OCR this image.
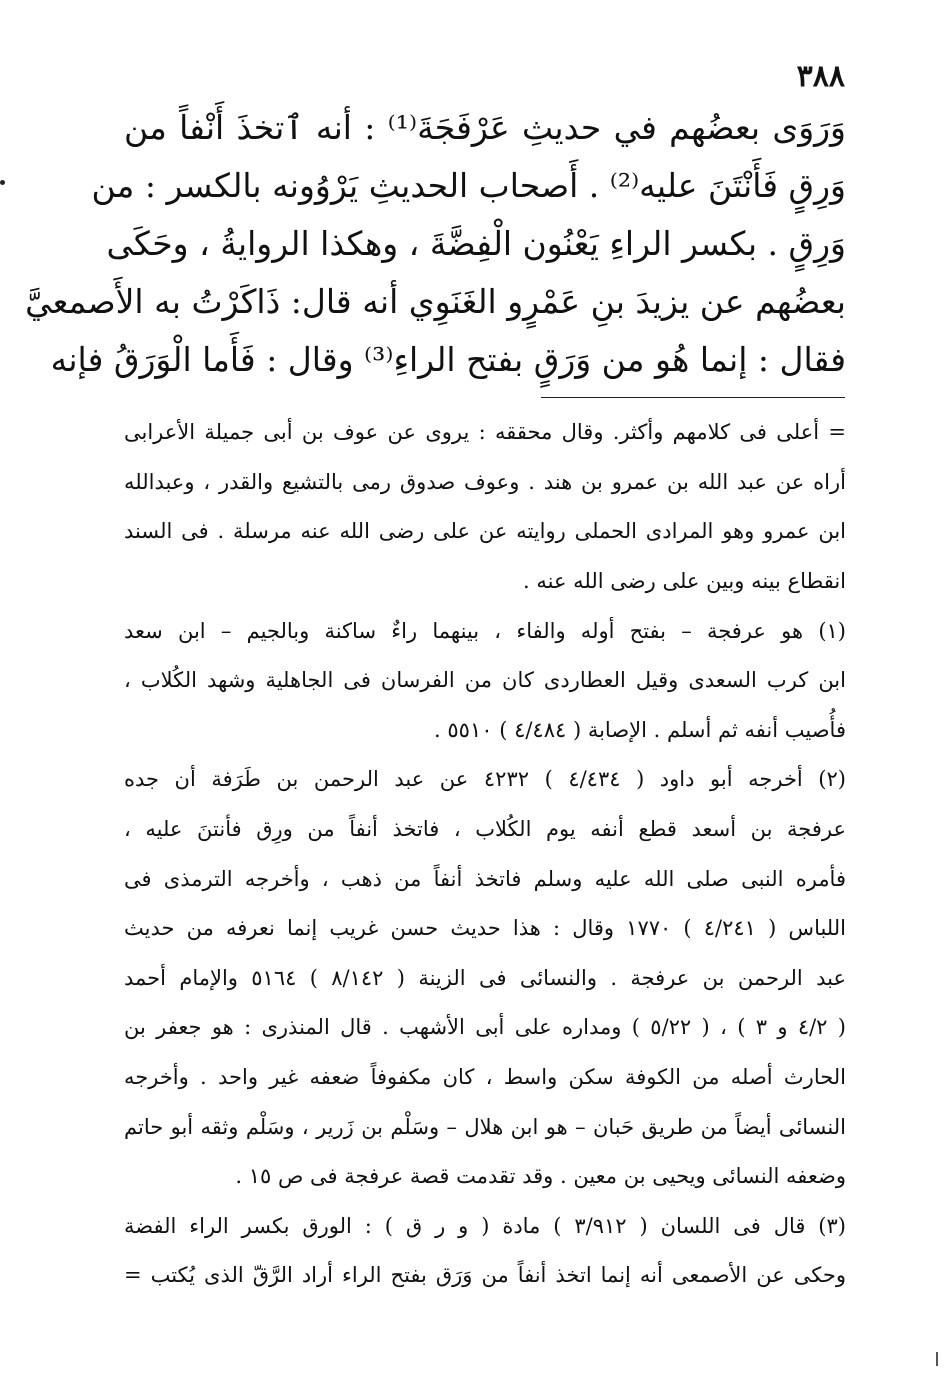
٣٨٨
وَرَوَى بعضُهم في حديثِ عَرْفَجَةَ⁽¹⁾ : أنه ٱتخذَ أَنْفاً من
وَرِقٍ فَأَنْتَنَ عليه⁽²⁾ . أَصحاب الحديثِ يَرْوُونه بالكسر : من
وَرِقٍ . بكسر الراءِ يَعْنُون الْفِضَّةَ ، وهكذا الروايةُ ، وحَكَى
بعضُهم عن يزيدَ بنِ عَمْرٍو الغَنَوِي أنه قال: ذَاكَرْتُ به الأَصمعيَّ
فقال : إنما هُو من وَرَقٍ بفتح الراءِ⁽³⁾ وقال : فَأَما الْوَرَقُ فإنه
= أعلى فى كلامهم وأكثر. وقال محققه : يروى عن عوف بن أبى جميلة الأعرابى
أراه عن عبد الله بن عمرو بن هند . وعوف صدوق رمى بالتشيع والقدر ، وعبدالله
ابن عمرو وهو المرادى الحملى روايته عن على رضى الله عنه مرسلة . فى السند
انقطاع بينه وبين على رضى الله عنه .
(١) هو عرفجة – بفتح أوله والفاء ، بينهما راءٌ ساكنة وبالجيم – ابن سعد
ابن كرب السعدى وقيل العطاردى كان من الفرسان فى الجاهلية وشهد الكُلاب ،
فأُصيب أنفه ثم أسلم . الإصابة ( ٤/٤٨٤ ) ٥٥١٠ .
(٢) أخرجه أبو داود ( ٤/٤٣٤ ) ٤٢٣٢ عن عبد الرحمن بن طَرَفة أن جده
عرفجة بن أسعد قطع أنفه يوم الكُلاب ، فاتخذ أنفاً من ورِق فأنتنَ عليه ،
فأمره النبى صلى الله عليه وسلم فاتخذ أنفاً من ذهب ، وأخرجه الترمذى فى
اللباس ( ٤/٢٤١ ) ١٧٧٠ وقال : هذا حديث حسن غريب إنما نعرفه من حديث
عبد الرحمن بن عرفجة . والنسائى فى الزينة ( ٨/١٤٢ ) ٥١٦٤ والإمام أحمد
( ٤/٢ و ٣ ) ، ( ٥/٢٢ ) ومداره على أبى الأشهب . قال المنذرى : هو جعفر بن
الحارث أصله من الكوفة سكن واسط ، كان مكفوفاً ضعفه غير واحد . وأخرجه
النسائى أيضاً من طريق حَبان – هو ابن هلال – وسَلْم بن زَرير ، وسَلْم وثقه أبو حاتم
وضعفه النسائى ويحيى بن معين . وقد تقدمت قصة عرفجة فى ص ١٥ .
(٣) قال فى اللسان ( ٣/٩١٢ ) مادة ( و ر ق ) : الورق بكسر الراء الفضة
وحكى عن الأصمعى أنه إنما اتخذ أنفاً من وَرَق بفتح الراء أراد الرَّقّ الذى يُكتب =
